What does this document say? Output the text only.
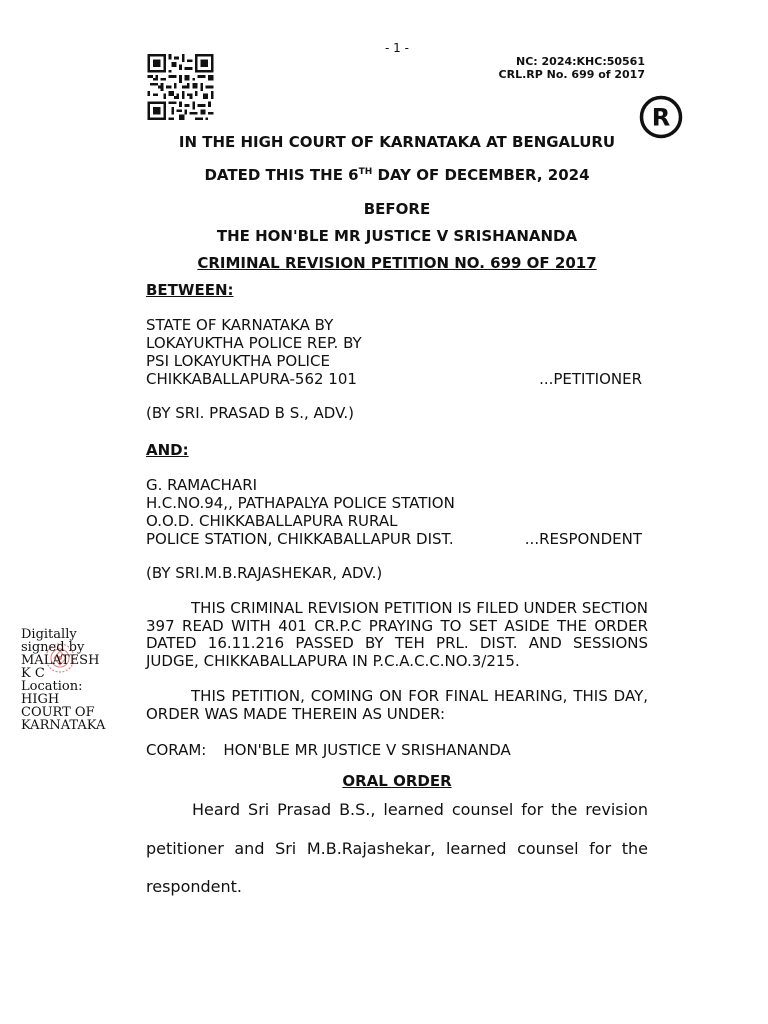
- 1 -
NC: 2024:KHC:50561
CRL.RP No. 699 of 2017
R
IN THE HIGH COURT OF KARNATAKA AT BENGALURU
DATED THIS THE 6TH DAY OF DECEMBER, 2024
BEFORE
THE HON'BLE MR JUSTICE V SRISHANANDA
CRIMINAL REVISION PETITION NO. 699 OF 2017
BETWEEN:

STATE OF KARNATAKA BY

LOKAYUKTHA POLICE REP. BY

PSI LOKAYUKTHA POLICE

CHIKKABALLAPURA-562 101	...PETITIONER
(BY SRI. PRASAD B S., ADV.)
AND:

G. RAMACHARI

H.C.NO.94,, PATHAPALYA POLICE STATION

O.O.D. CHIKKABALLAPURA RURAL

POLICE STATION, CHIKKABALLAPUR DIST.	...RESPONDENT
(BY SRI.M.B.RAJASHEKAR, ADV.)
THIS CRIMINAL REVISION PETITION IS FILED UNDER SECTION 397 READ WITH 401 CR.P.C PRAYING TO SET ASIDE THE ORDER DATED 16.11.216 PASSED BY TEH PRL. DIST. AND SESSIONS JUDGE, CHIKKABALLAPURA IN P.C.A.C.C.NO.3/215.
THIS PETITION, COMING ON FOR FINAL HEARING, THIS DAY, ORDER WAS MADE THEREIN AS UNDER:
CORAM: HON'BLE MR JUSTICE V SRISHANANDA
ORAL ORDER
Heard Sri Prasad B.S., learned counsel for the revision petitioner and Sri M.B.Rajashekar, learned counsel for the respondent.

Digitally

signed by

MALATESH

K C

Location:

HIGH

COURT OF

KARNATAKA
